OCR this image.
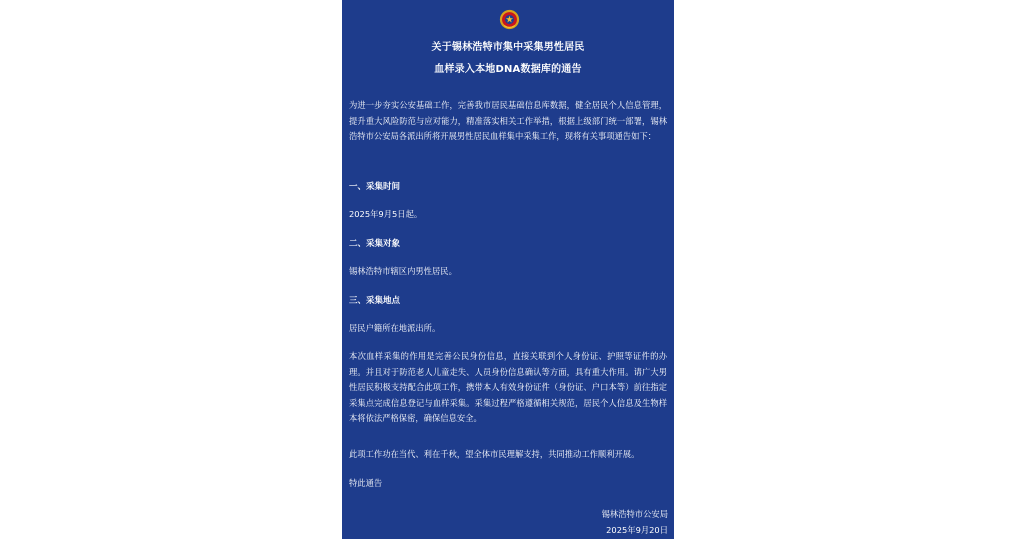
关于锡林浩特市集中采集男性居民
血样录入本地DNA数据库的通告
为进一步夯实公安基础工作，完善我市居民基础信息库数据，健全居民个人信息管理，提升重大风险防范与应对能力，精准落实相关工作举措，根据上级部门统一部署，锡林浩特市公安局各派出所将开展男性居民血样集中采集工作，现将有关事项通告如下：
一、采集时间
2025年9月5日起。
二、采集对象
锡林浩特市辖区内男性居民。
三、采集地点
居民户籍所在地派出所。
本次血样采集的作用是完善公民身份信息，直接关联到个人身份证、护照等证件的办理。并且对于防范老人儿童走失、人员身份信息确认等方面，具有重大作用。请广大男性居民积极支持配合此项工作，携带本人有效身份证件（身份证、户口本等）前往指定采集点完成信息登记与血样采集。采集过程严格遵循相关规范，居民个人信息及生物样本将依法严格保密，确保信息安全。
此项工作功在当代、利在千秋，望全体市民理解支持，共同推动工作顺利开展。
特此通告
锡林浩特市公安局
2025年9月20日
